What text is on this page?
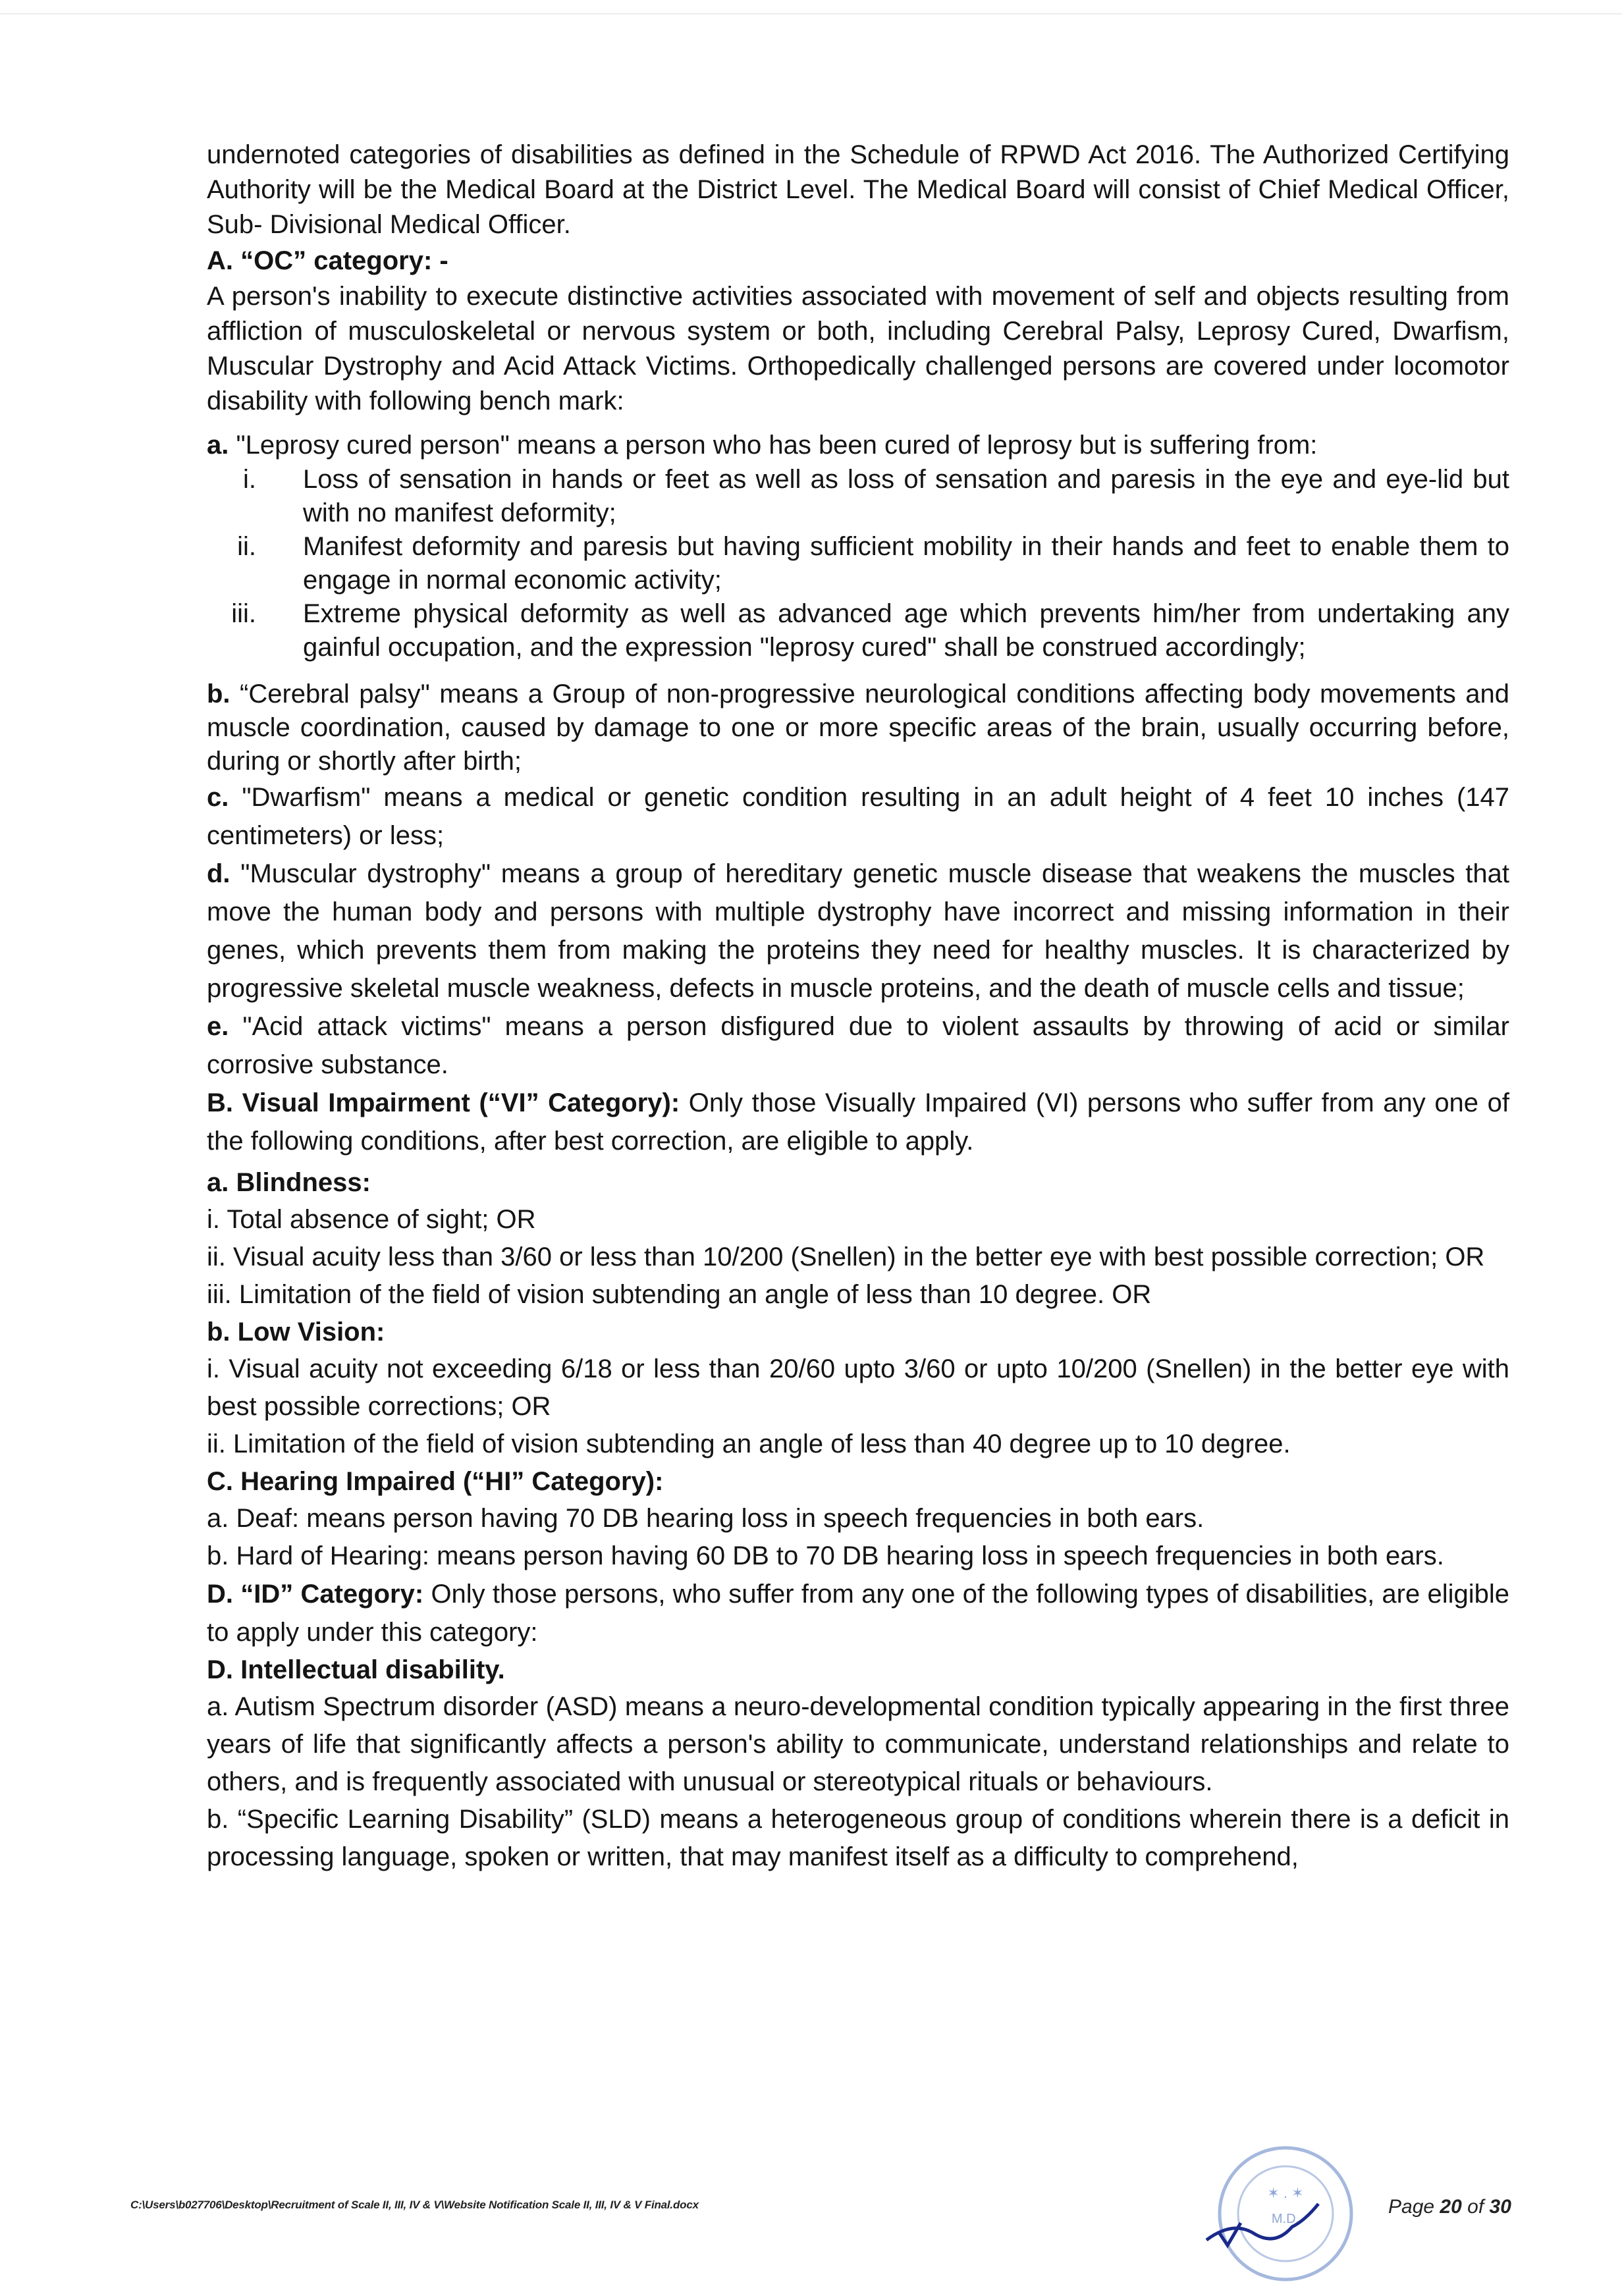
undernoted categories of disabilities as defined in the Schedule of RPWD Act 2016. The Authorized Certifying Authority will be the Medical Board at the District Level. The Medical Board will consist of Chief Medical Officer, Sub- Divisional Medical Officer.

A. “OC” category: -

A person's inability to execute distinctive activities associated with movement of self and objects resulting from affliction of musculoskeletal or nervous system or both, including Cerebral Palsy, Leprosy Cured, Dwarfism, Muscular Dystrophy and Acid Attack Victims. Orthopedically challenged persons are covered under locomotor disability with following bench mark:

a. "Leprosy cured person" means a person who has been cured of leprosy but is suffering from:

i. Loss of sensation in hands or feet as well as loss of sensation and paresis in the eye and eye-lid but with no manifest deformity;
ii. Manifest deformity and paresis but having sufficient mobility in their hands and feet to enable them to engage in normal economic activity;
iii. Extreme physical deformity as well as advanced age which prevents him/her from undertaking any gainful occupation, and the expression "leprosy cured" shall be construed accordingly;

b. “Cerebral palsy" means a Group of non-progressive neurological conditions affecting body movements and muscle coordination, caused by damage to one or more specific areas of the brain, usually occurring before, during or shortly after birth;

c. "Dwarfism" means a medical or genetic condition resulting in an adult height of 4 feet 10 inches (147 centimeters) or less;

d. "Muscular dystrophy" means a group of hereditary genetic muscle disease that weakens the muscles that move the human body and persons with multiple dystrophy have incorrect and missing information in their genes, which prevents them from making the proteins they need for healthy muscles. It is characterized by progressive skeletal muscle weakness, defects in muscle proteins, and the death of muscle cells and tissue;

e. "Acid attack victims" means a person disfigured due to violent assaults by throwing of acid or similar corrosive substance.

B. Visual Impairment (“VI” Category): Only those Visually Impaired (VI) persons who suffer from any one of the following conditions, after best correction, are eligible to apply.

a. Blindness:

i. Total absence of sight; OR

ii. Visual acuity less than 3/60 or less than 10/200 (Snellen) in the better eye with best possible correction; OR

iii. Limitation of the field of vision subtending an angle of less than 10 degree. OR

b. Low Vision:

i. Visual acuity not exceeding 6/18 or less than 20/60 upto 3/60 or upto 10/200 (Snellen) in the better eye with best possible corrections; OR

ii. Limitation of the field of vision subtending an angle of less than 40 degree up to 10 degree.

C. Hearing Impaired (“HI” Category):

a. Deaf: means person having 70 DB hearing loss in speech frequencies in both ears.

b. Hard of Hearing: means person having 60 DB to 70 DB hearing loss in speech frequencies in both ears.

D. “ID” Category: Only those persons, who suffer from any one of the following types of disabilities, are eligible to apply under this category:

D. Intellectual disability.

a. Autism Spectrum disorder (ASD) means a neuro-developmental condition typically appearing in the first three years of life that significantly affects a person's ability to communicate, understand relationships and relate to others, and is frequently associated with unusual or stereotypical rituals or behaviours.

b. “Specific Learning Disability” (SLD) means a heterogeneous group of conditions wherein there is a deficit in processing language, spoken or written, that may manifest itself as a difficulty to comprehend,

C:\Users\b027706\Desktop\Recruitment of Scale II, III, IV & V\Website Notification Scale II, III, IV & V Final.docx
✶ . ✶
M.D.
Page 20 of 30
